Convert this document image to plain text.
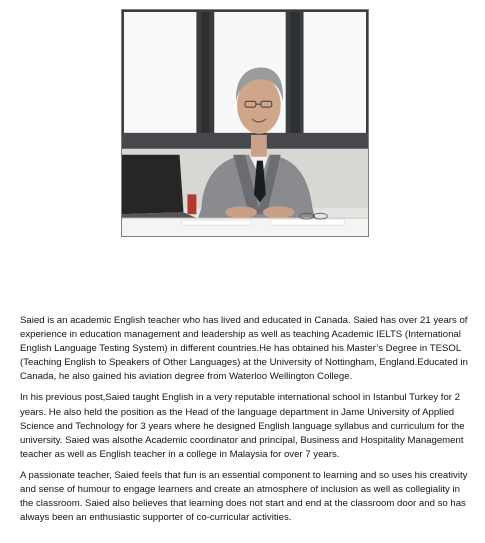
Saied is an academic English teacher who has lived and educated in Canada. Saied has over 21 years of experience in education management and leadership as well as teaching Academic IELTS (International English Language Testing System) in different countries.He has obtained his Master’s Degree in TESOL (Teaching English to Speakers of Other Languages) at the University of Nottingham, England.Educated in Canada, he also gained his aviation degree from Waterloo Wellington College.

In his previous post,Saied taught English in a very reputable international school in Istanbul Turkey for 2 years. He also held the position as the Head of the language department in Jame University of Applied Science and Technology for 3 years where he designed English language syllabus and curriculum for the university. Saied was alsothe Academic coordinator and principal, Business and Hospitality Management teacher as well as English teacher in a college in Malaysia for over 7 years.

A passionate teacher, Saied feels that fun is an essential component to learning and so uses his creativity and sense of humour to engage learners and create an atmosphere of inclusion as well as collegiality in the classroom. Saied also believes that learning does not start and end at the classroom door and so has always been an enthusiastic supporter of co-curricular activities.
